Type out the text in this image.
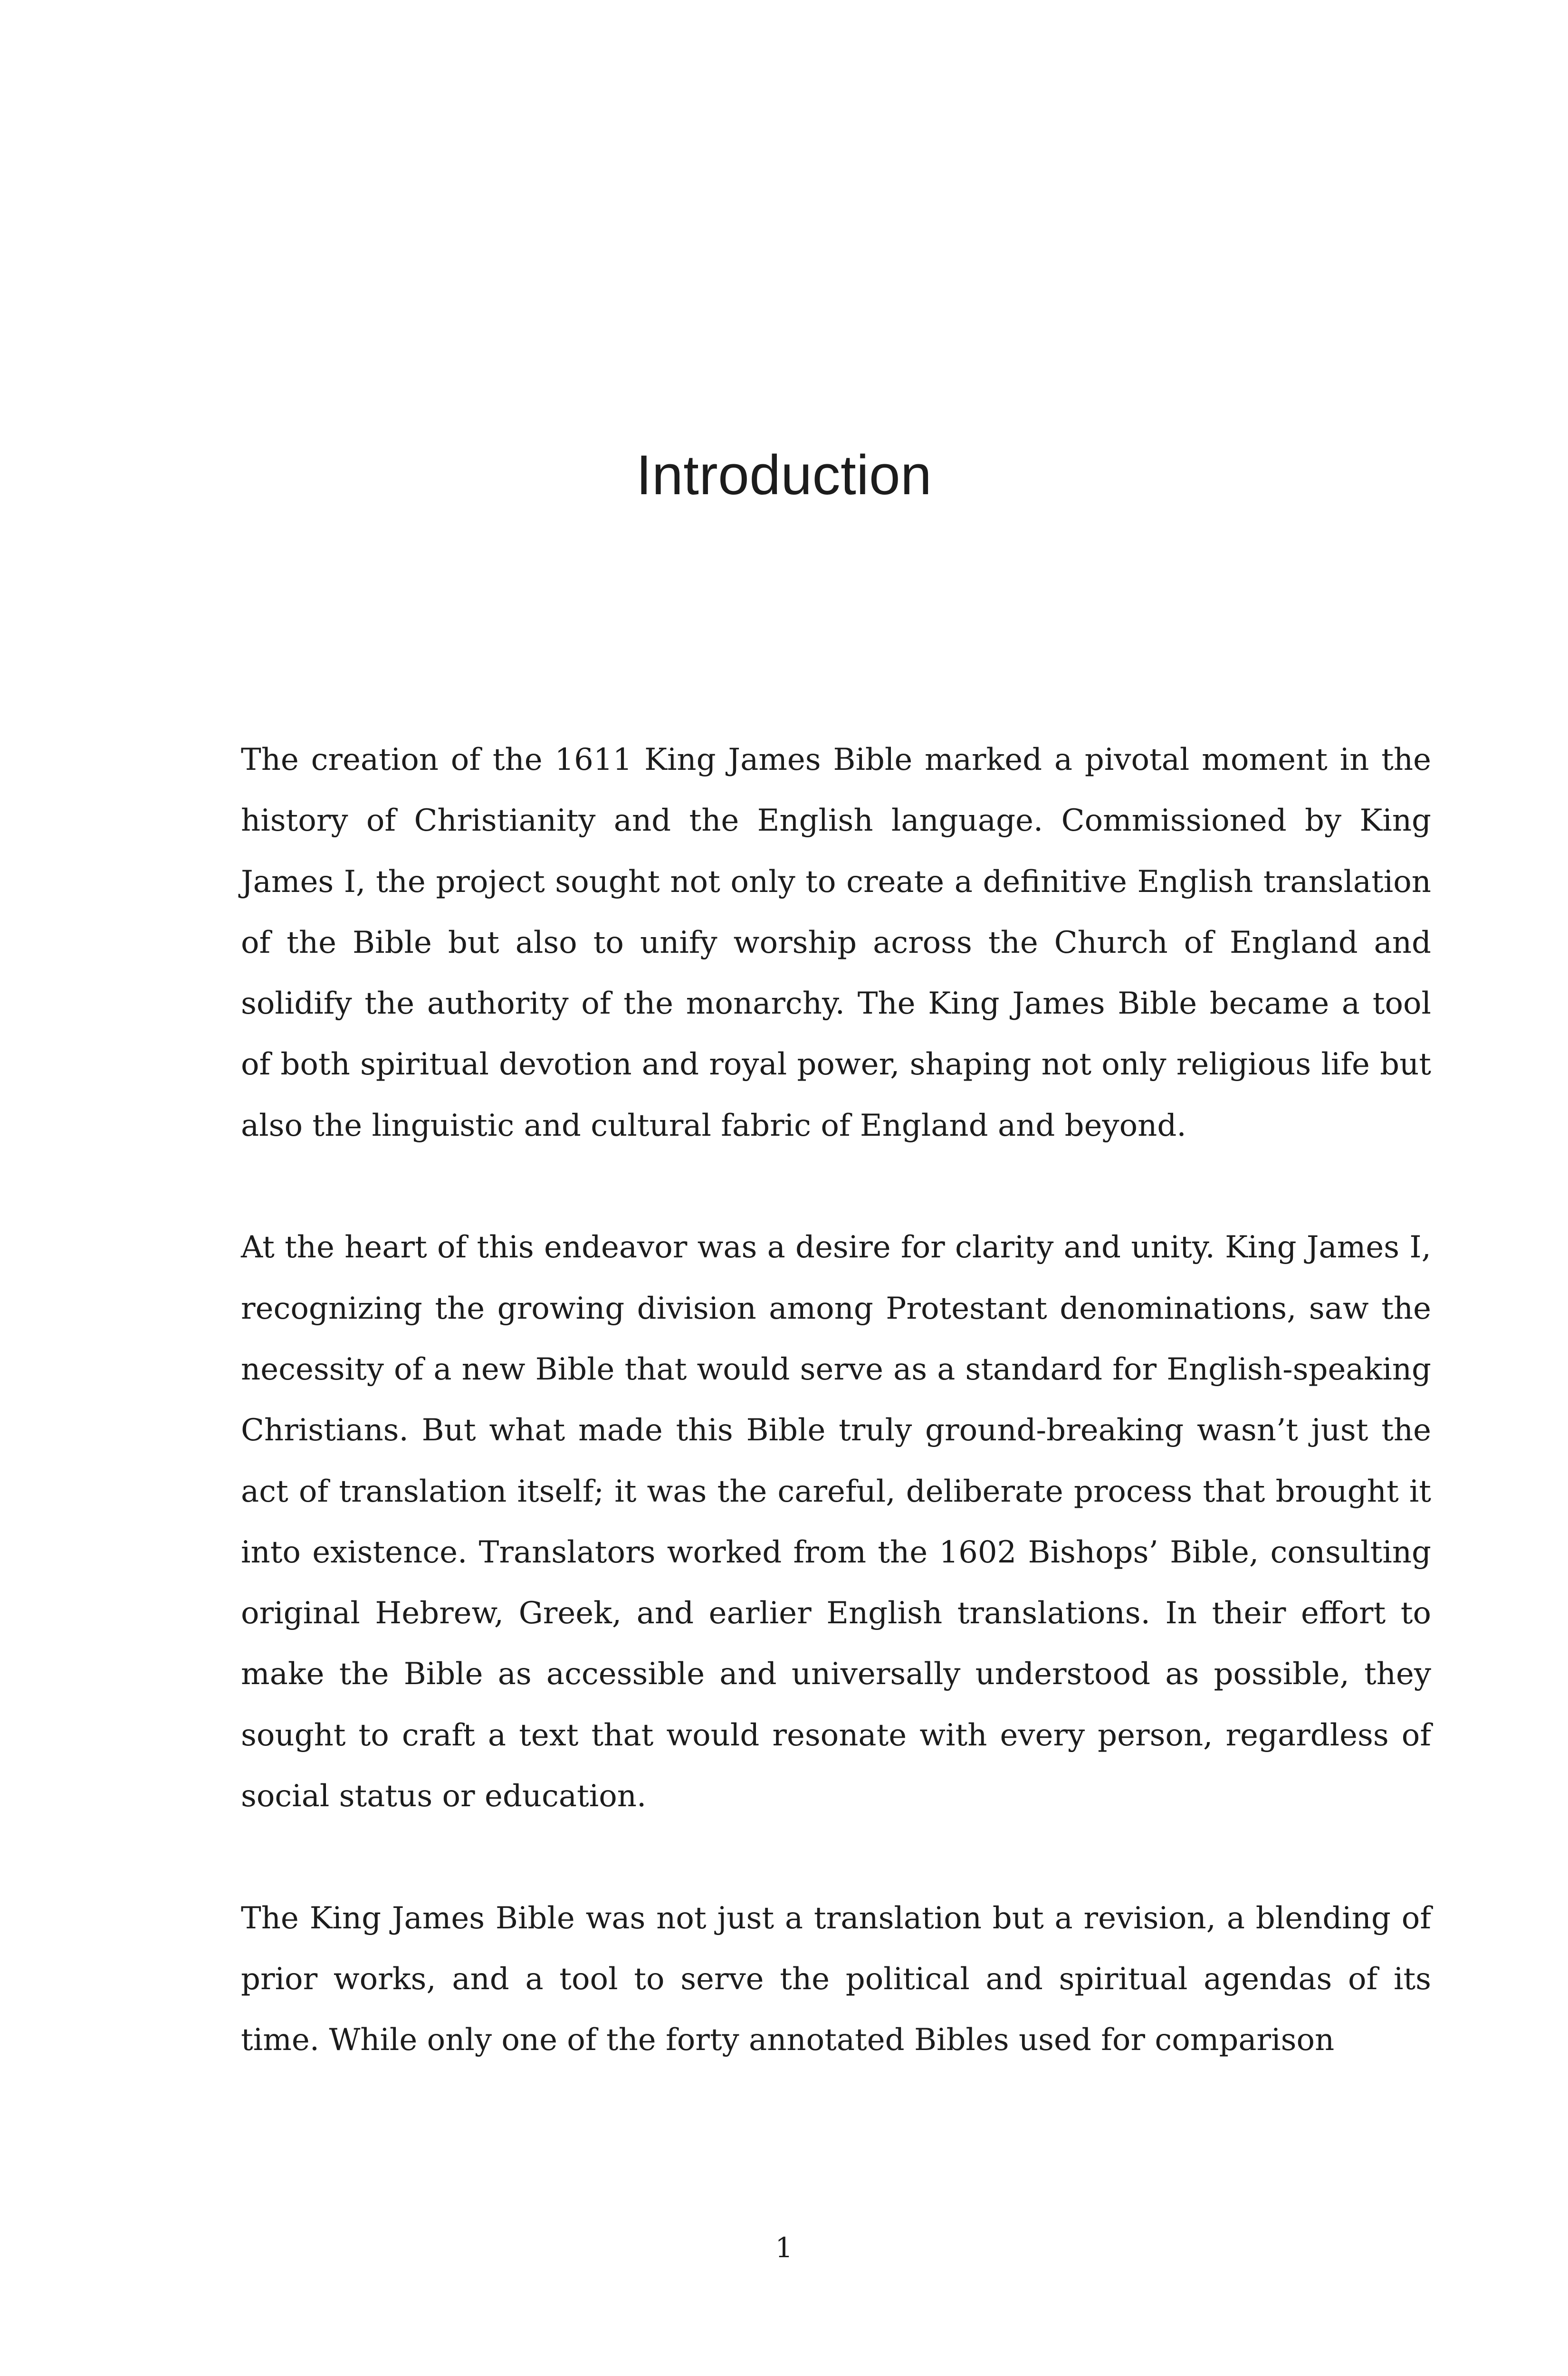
Introduction

The creation of the 1611 King James Bible marked a pivotal moment in the history of Christianity and the English language. Commissioned by King James I, the project sought not only to create a definitive English translation of the Bible but also to unify worship across the Church of England and solidify the authority of the monarchy. The King James Bible became a tool of both spiritual devotion and royal power, shaping not only religious life but also the linguistic and cultural fabric of England and beyond.

At the heart of this endeavor was a desire for clarity and unity. King James I, recognizing the growing division among Protestant denominations, saw the necessity of a new Bible that would serve as a standard for English-speaking Christians. But what made this Bible truly ground-breaking wasn’t just the act of translation itself; it was the careful, deliberate process that brought it into existence. Translators worked from the 1602 Bishops’ Bible, consulting original Hebrew, Greek, and earlier English translations. In their effort to make the Bible as accessible and universally understood as possible, they sought to craft a text that would resonate with every person, regardless of social status or education.

The King James Bible was not just a translation but a revision, a blending of prior works, and a tool to serve the political and spiritual agendas of its time. While only one of the forty annotated Bibles used for comparison

1
